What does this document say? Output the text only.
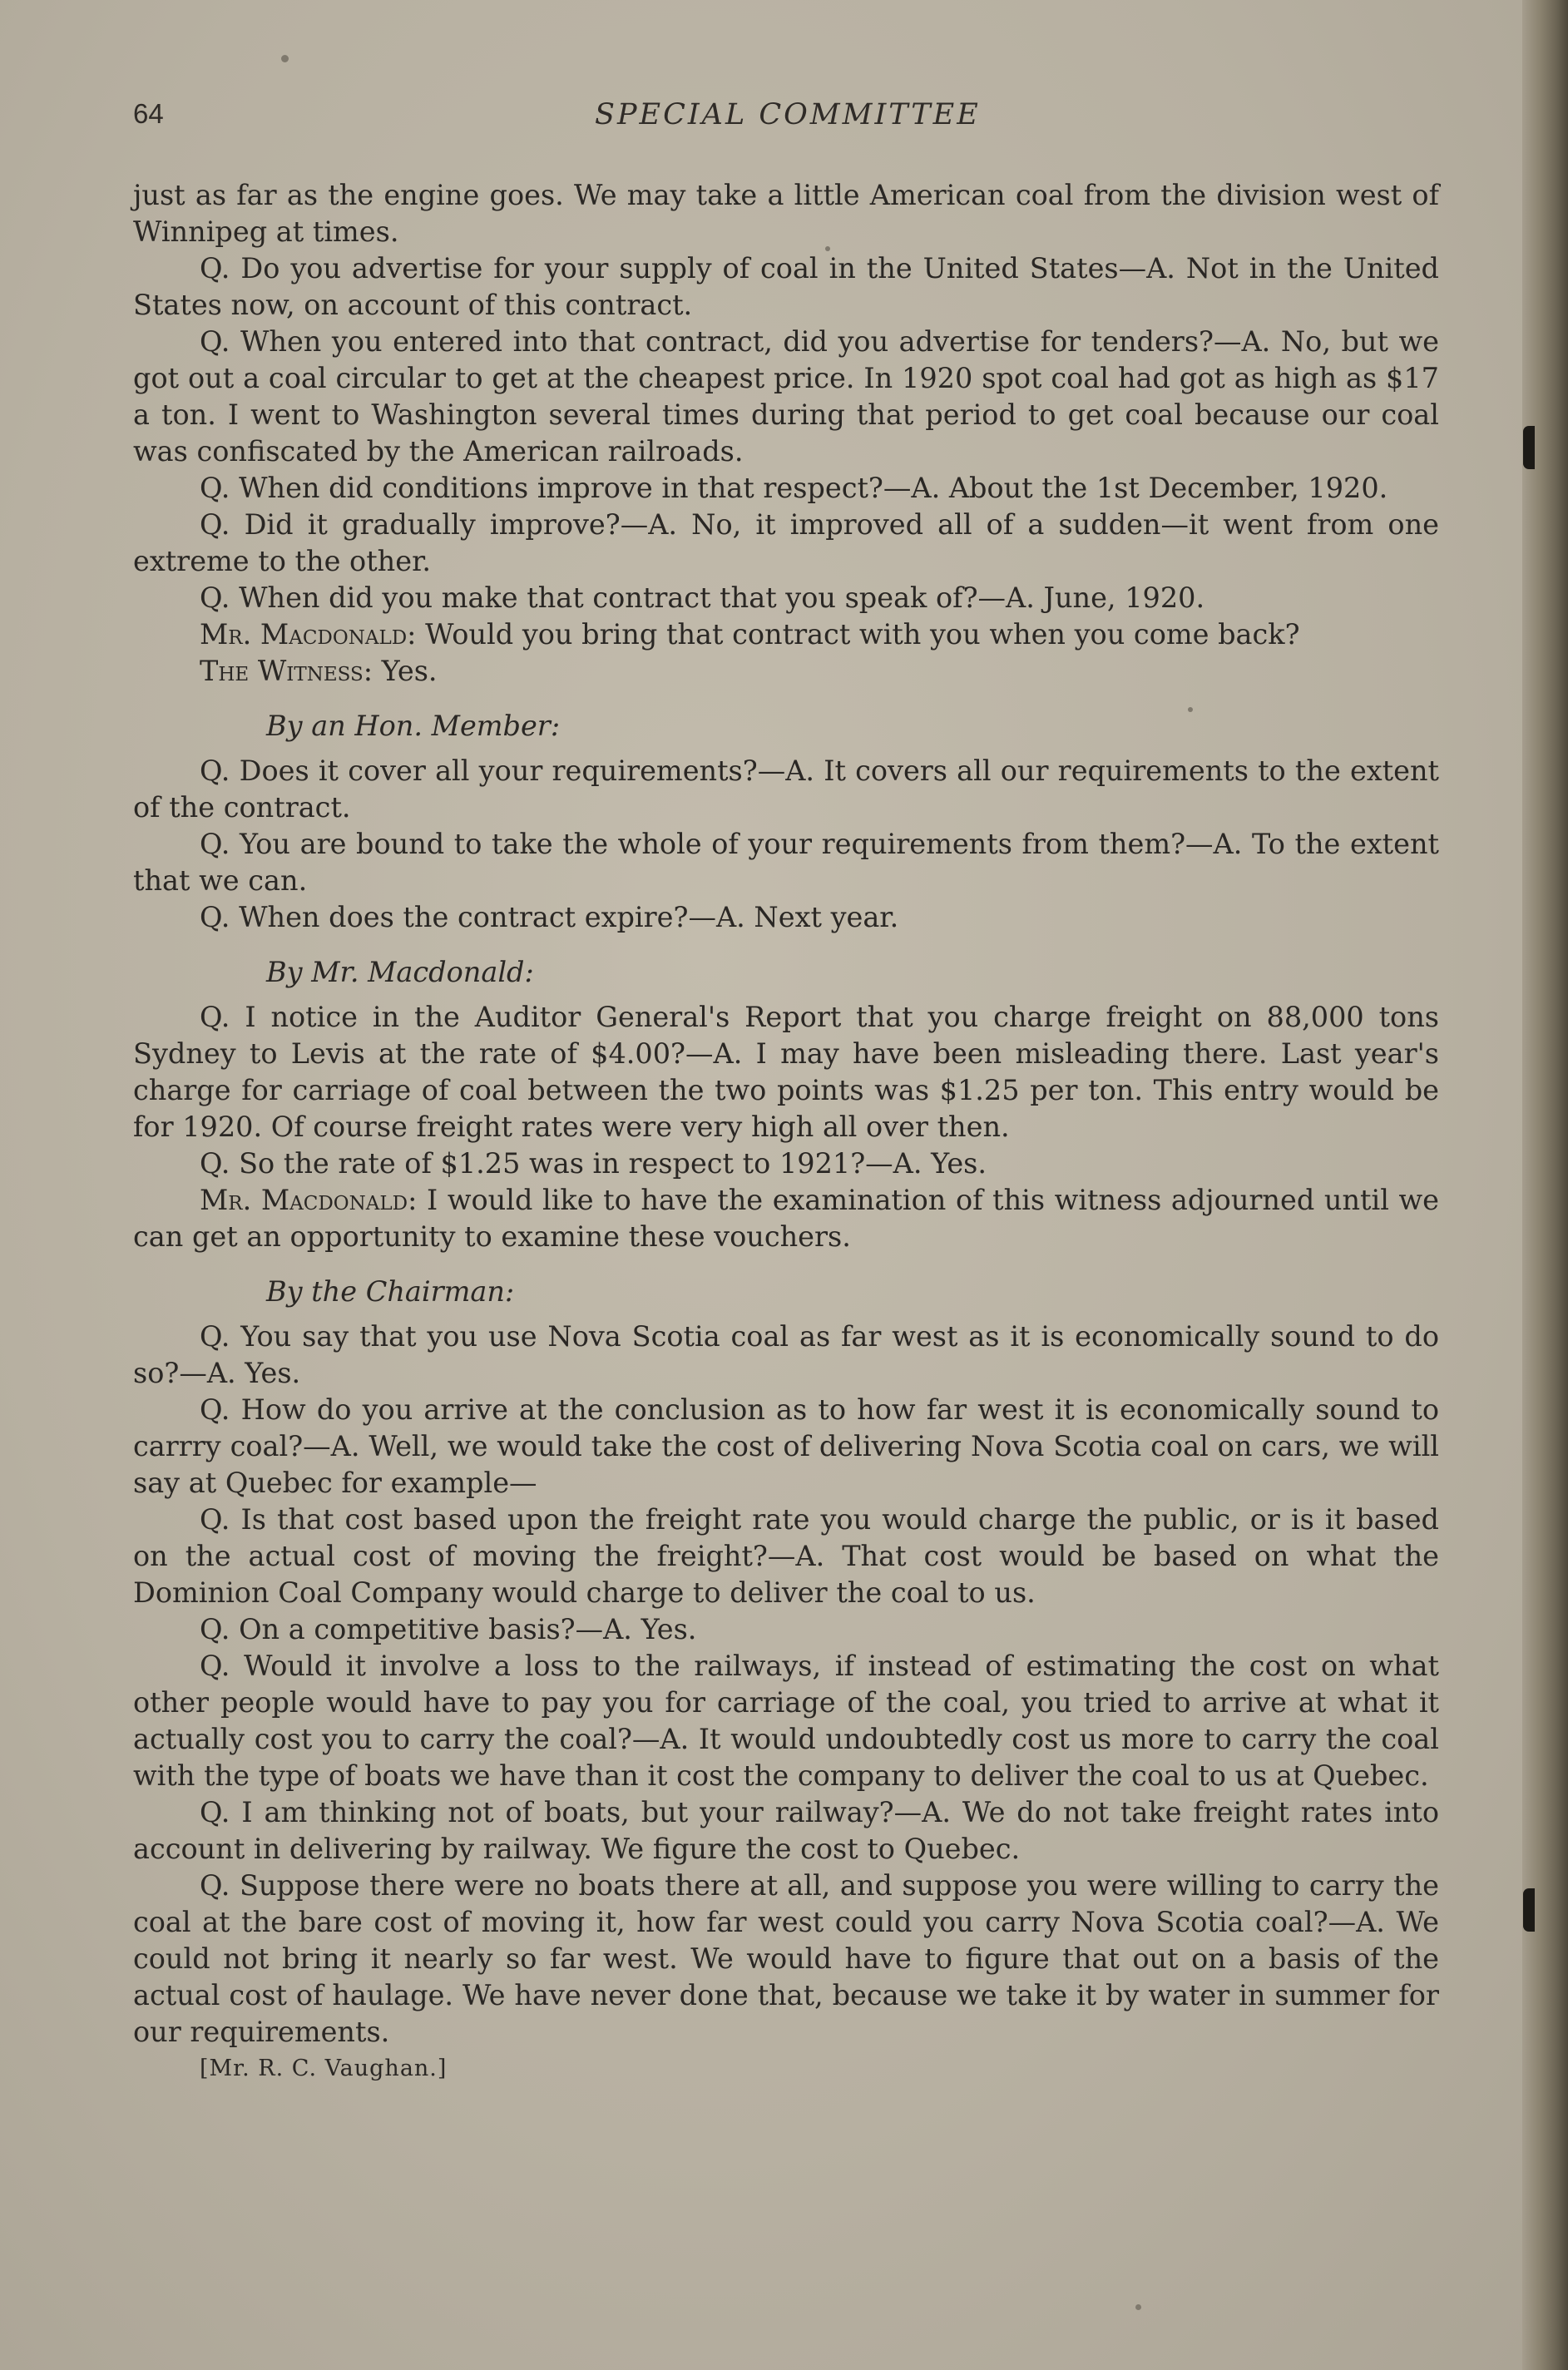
64	SPECIAL COMMITTEE

just as far as the engine goes. We may take a little American coal from the division west of Winnipeg at times.

Q. Do you advertise for your supply of coal in the United States—A. Not in the United States now, on account of this contract.

Q. When you entered into that contract, did you advertise for tenders?—A. No, but we got out a coal circular to get at the cheapest price. In 1920 spot coal had got as high as $17 a ton. I went to Washington several times during that period to get coal because our coal was confiscated by the American railroads.

Q. When did conditions improve in that respect?—A. About the 1st December, 1920.

Q. Did it gradually improve?—A. No, it improved all of a sudden—it went from one extreme to the other.

Q. When did you make that contract that you speak of?—A. June, 1920.

Mr. Macdonald: Would you bring that contract with you when you come back?

The Witness: Yes.

By an Hon. Member:

Q. Does it cover all your requirements?—A. It covers all our requirements to the extent of the contract.

Q. You are bound to take the whole of your requirements from them?—A. To the extent that we can.

Q. When does the contract expire?—A. Next year.

By Mr. Macdonald:

Q. I notice in the Auditor General's Report that you charge freight on 88,000 tons Sydney to Levis at the rate of $4.00?—A. I may have been misleading there. Last year's charge for carriage of coal between the two points was $1.25 per ton. This entry would be for 1920. Of course freight rates were very high all over then.

Q. So the rate of $1.25 was in respect to 1921?—A. Yes.

Mr. Macdonald: I would like to have the examination of this witness adjourned until we can get an opportunity to examine these vouchers.

By the Chairman:

Q. You say that you use Nova Scotia coal as far west as it is economically sound to do so?—A. Yes.

Q. How do you arrive at the conclusion as to how far west it is economically sound to carrry coal?—A. Well, we would take the cost of delivering Nova Scotia coal on cars, we will say at Quebec for example—

Q. Is that cost based upon the freight rate you would charge the public, or is it based on the actual cost of moving the freight?—A. That cost would be based on what the Dominion Coal Company would charge to deliver the coal to us.

Q. On a competitive basis?—A. Yes.

Q. Would it involve a loss to the railways, if instead of estimating the cost on what other people would have to pay you for carriage of the coal, you tried to arrive at what it actually cost you to carry the coal?—A. It would undoubtedly cost us more to carry the coal with the type of boats we have than it cost the company to deliver the coal to us at Quebec.

Q. I am thinking not of boats, but your railway?—A. We do not take freight rates into account in delivering by railway. We figure the cost to Quebec.

Q. Suppose there were no boats there at all, and suppose you were willing to carry the coal at the bare cost of moving it, how far west could you carry Nova Scotia coal?—A. We could not bring it nearly so far west. We would have to figure that out on a basis of the actual cost of haulage. We have never done that, because we take it by water in summer for our requirements.

[Mr. R. C. Vaughan.]
